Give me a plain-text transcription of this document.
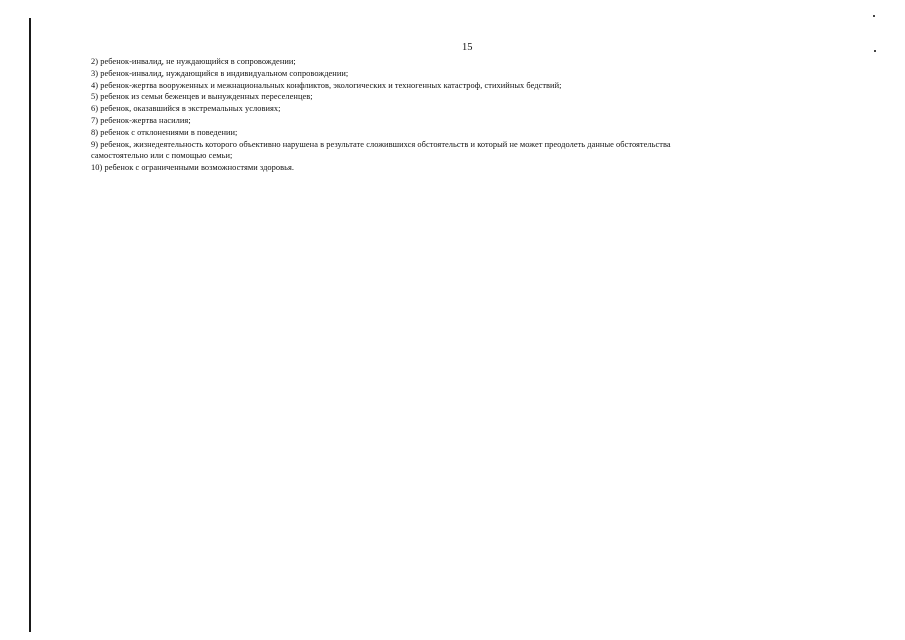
15
2) ребенок-инвалид, не нуждающийся в сопровождении;
3) ребенок-инвалид, нуждающийся в индивидуальном сопровождении;
4) ребенок-жертва вооруженных и межнациональных конфликтов, экологических и техногенных катастроф, стихийных бедствий;
5) ребенок из семьи беженцев и вынужденных переселенцев;
6) ребенок, оказавшийся в экстремальных условиях;
7) ребенок-жертва насилия;
8) ребенок с отклонениями в поведении;
9) ребенок, жизнедеятельность которого объективно нарушена в результате сложившихся обстоятельств и который не может преодолеть данные обстоятельства
самостоятельно или с помощью семьи;
10) ребенок с ограниченными возможностями здоровья.
